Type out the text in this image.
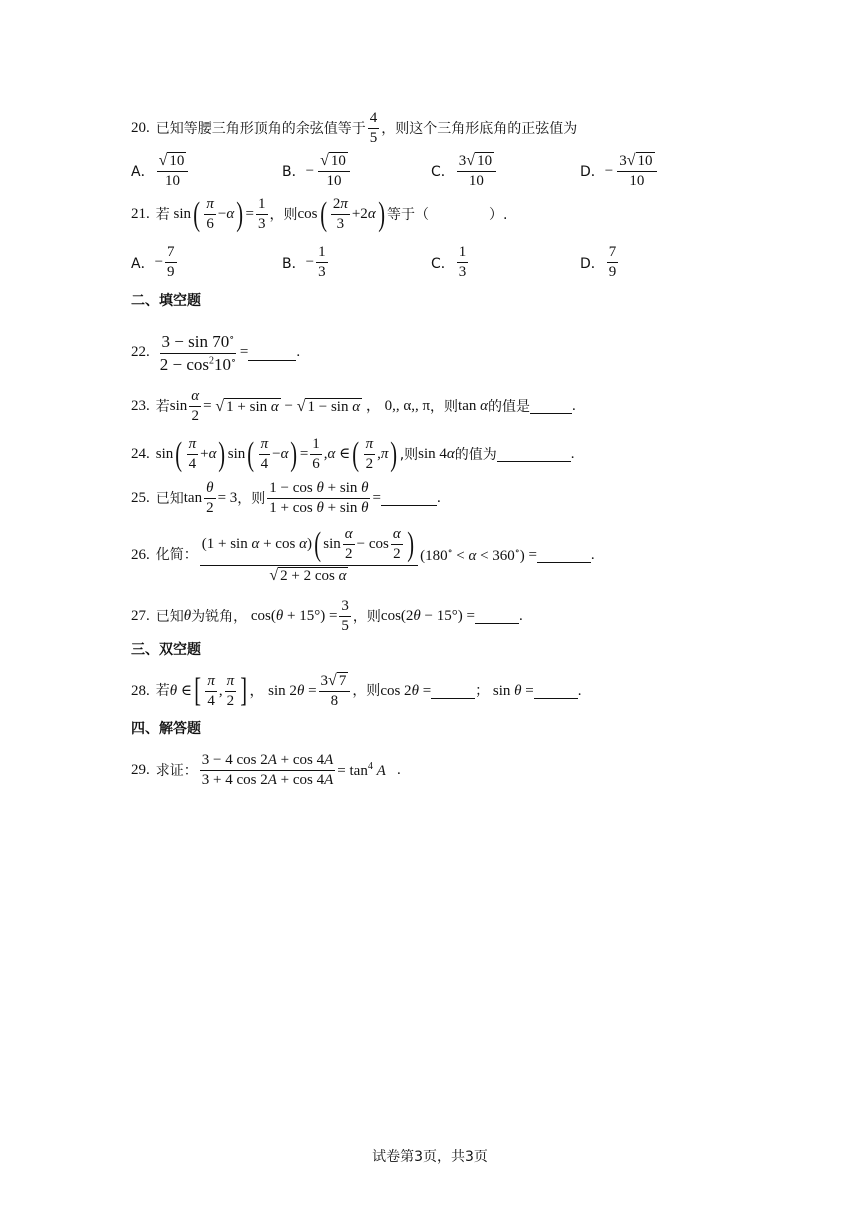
20. 已知等腰三角形顶角的余弦值等于 $\frac{4}{5}$ ，则这个三角形底角的正弦值为
A． $\frac{√ 10}{10}$	B． − $\frac{√ 10}{10}$	C． $\frac{3 √ 10}{10}$	D． − $\frac{3 √ 10}{10}$
21. 若 sin ( $\frac{\pi}{6} -\alpha$ ) = $\frac{1}{3}$ ，则 cos ( $\frac{2\pi}{3} +2\alpha$ ) 等于（	）.
A． − $\frac{7}{9}$	B． − $\frac{1}{3}$	C． $\frac{1}{3}$	D． $\frac{7}{9}$
二、填空题
22. $\frac{3 - \sin 70^\circ}{2 - \cos^210^\circ}$ =	.
23. 若 $\sin \frac{\alpha}{2}$ = √ 1 + sin α − √ 1 − sin α ， 0,, α,, π ，则 tan α 的值是	.
24. sin ( $\frac{\pi}{4} +\alpha$ ) sin ( $\frac{\pi}{4} -\alpha$ ) = $\frac{1}{6} ,\alpha$ ∈ ( $\frac{\pi}{2} ,\pi$ ) ,则 sin 4α 的值为	.
25. 已知 $\tan \frac{\theta}{2} = 3$ ，则 $\frac{\text{1 − cos θ + sin θ}}{\text{1 + cos θ + sin θ}}$ =	.
26. 化简：
(1 + sin α + cos α ) ( $\sin \frac{\alpha}{2} - \cos \frac{\alpha}{2}$ )
√ 2 + 2 cos α
(180∘ < α < 360∘) =	.
27. 已知 θ 为锐角， $\cos(\theta + 15^\circ) = \frac{3}{5}$ ，则 cos(2θ − 15°) =	.
三、双空题
28. 若 θ ∈ [ $\frac{\pi}{4}$ , $\frac{\pi}{2}$ ] ， $\sin 2\theta = \frac{3 √ 7}{8}$ ，则 cos 2θ =	； sin θ =	.
四、解答题
29. 求证： $\frac{3 - 4 \cos 2A + \cos 4A}{3 + 4 \cos 2A + \cos 4A} = \tan^4 A$ .
试卷第3页，共3页
